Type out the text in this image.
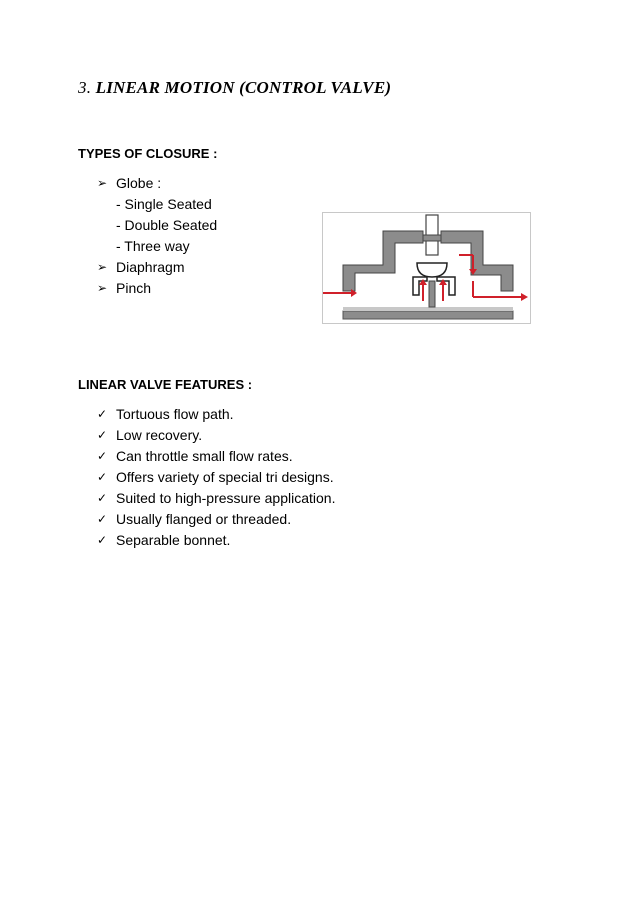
3. LINEAR MOTION (CONTROL VALVE)
TYPES OF CLOSURE :
➢ Globe :
- Single Seated
- Double Seated
- Three way
➢ Diaphragm
➢ Pinch
LINEAR VALVE FEATURES :
✓ Tortuous flow path.
✓ Low recovery.
✓ Can throttle small flow rates.
✓ Offers variety of special tri designs.
✓ Suited to high-pressure application.
✓ Usually flanged or threaded.
✓ Separable bonnet.
